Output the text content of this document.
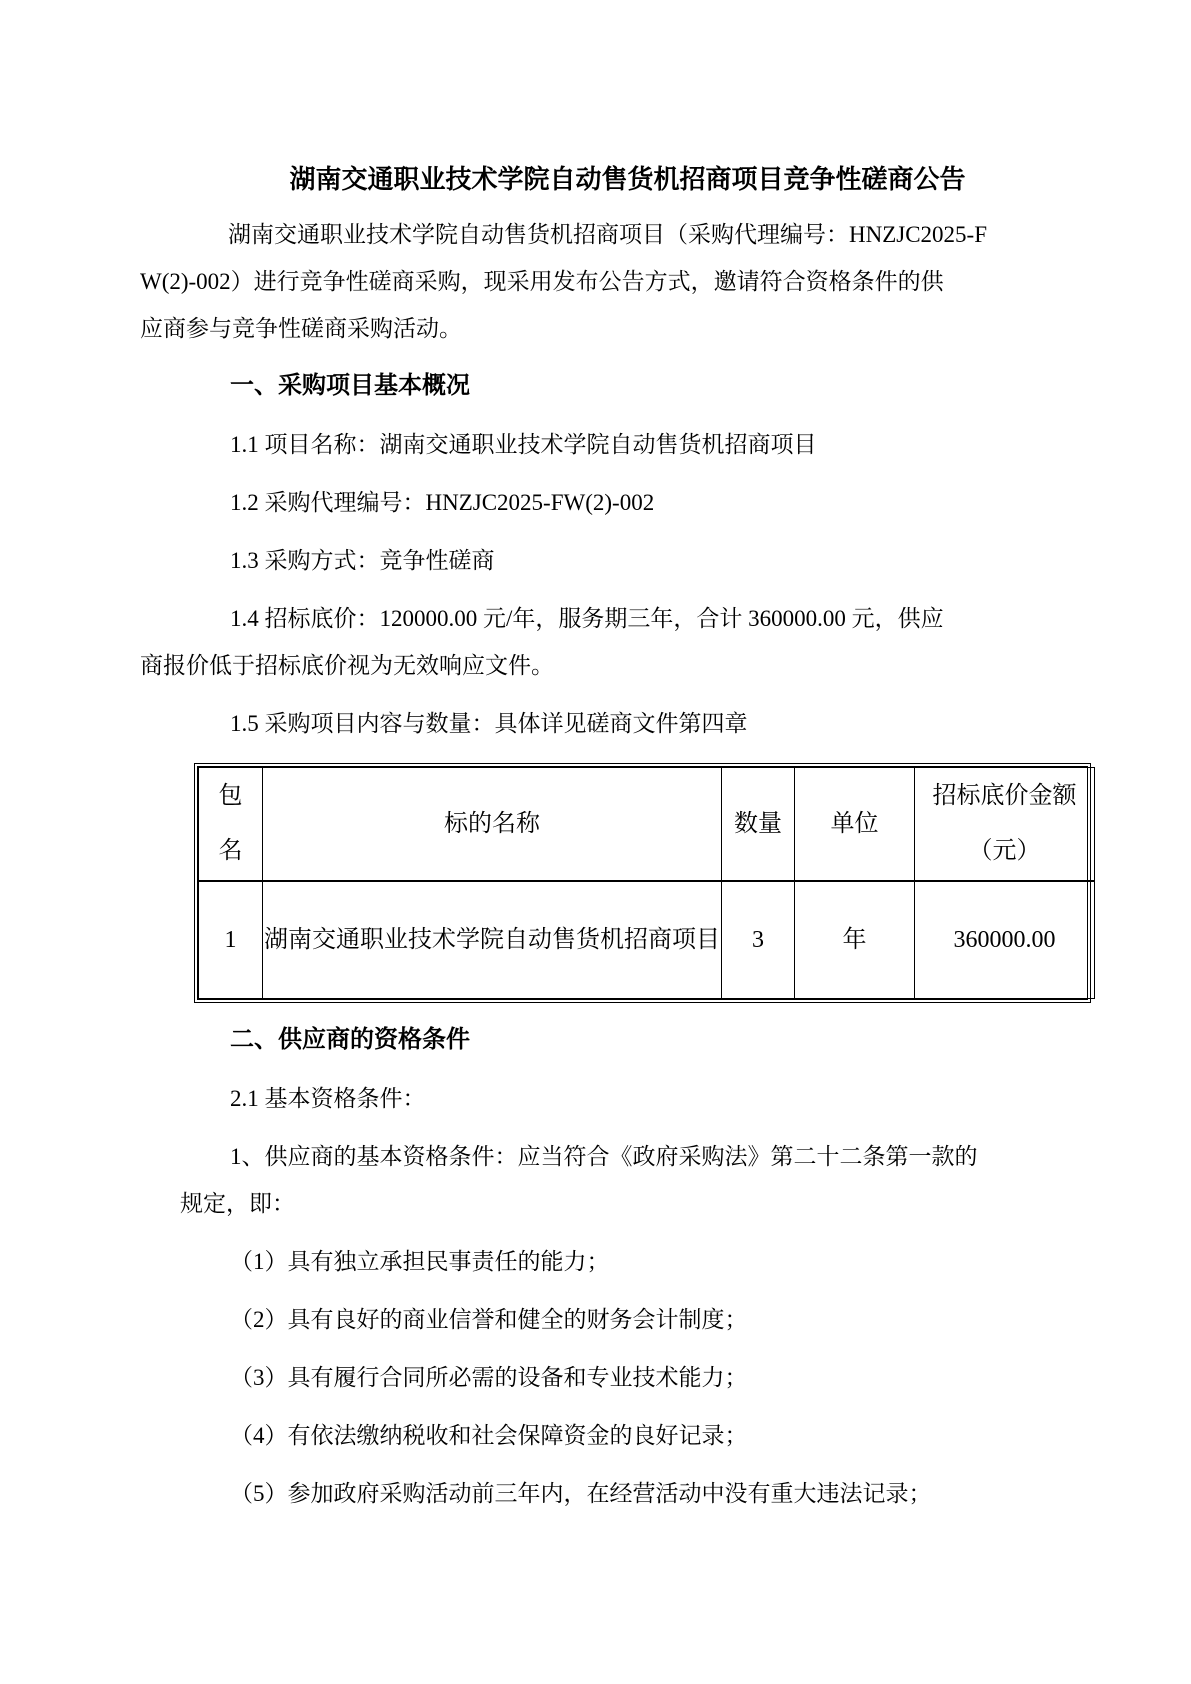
湖南交通职业技术学院自动售货机招商项目竞争性磋商公告
湖南交通职业技术学院自动售货机招商项目（采购代理编号：HNZJC2025-F
W(2)-002）进行竞争性磋商采购，现采用发布公告方式，邀请符合资格条件的供
应商参与竞争性磋商采购活动。
一、采购项目基本概况
1.1 项目名称：湖南交通职业技术学院自动售货机招商项目
1.2 采购代理编号：HNZJC2025-FW(2)-002
1.3 采购方式：竞争性磋商
1.4 招标底价：120000.00 元/年，服务期三年，合计 360000.00 元，供应
商报价低于招标底价视为无效响应文件。
1.5 采购项目内容与数量：具体详见磋商文件第四章
包名	标的名称	数量	单位	招标底价金额（元）
1	湖南交通职业技术学院自动售货机招商项目	3	年	360000.00
二、供应商的资格条件
2.1 基本资格条件：
1、供应商的基本资格条件：应当符合《政府采购法》第二十二条第一款的
规定，即：
（1）具有独立承担民事责任的能力；
（2）具有良好的商业信誉和健全的财务会计制度；
（3）具有履行合同所必需的设备和专业技术能力；
（4）有依法缴纳税收和社会保障资金的良好记录；
（5）参加政府采购活动前三年内，在经营活动中没有重大违法记录；
